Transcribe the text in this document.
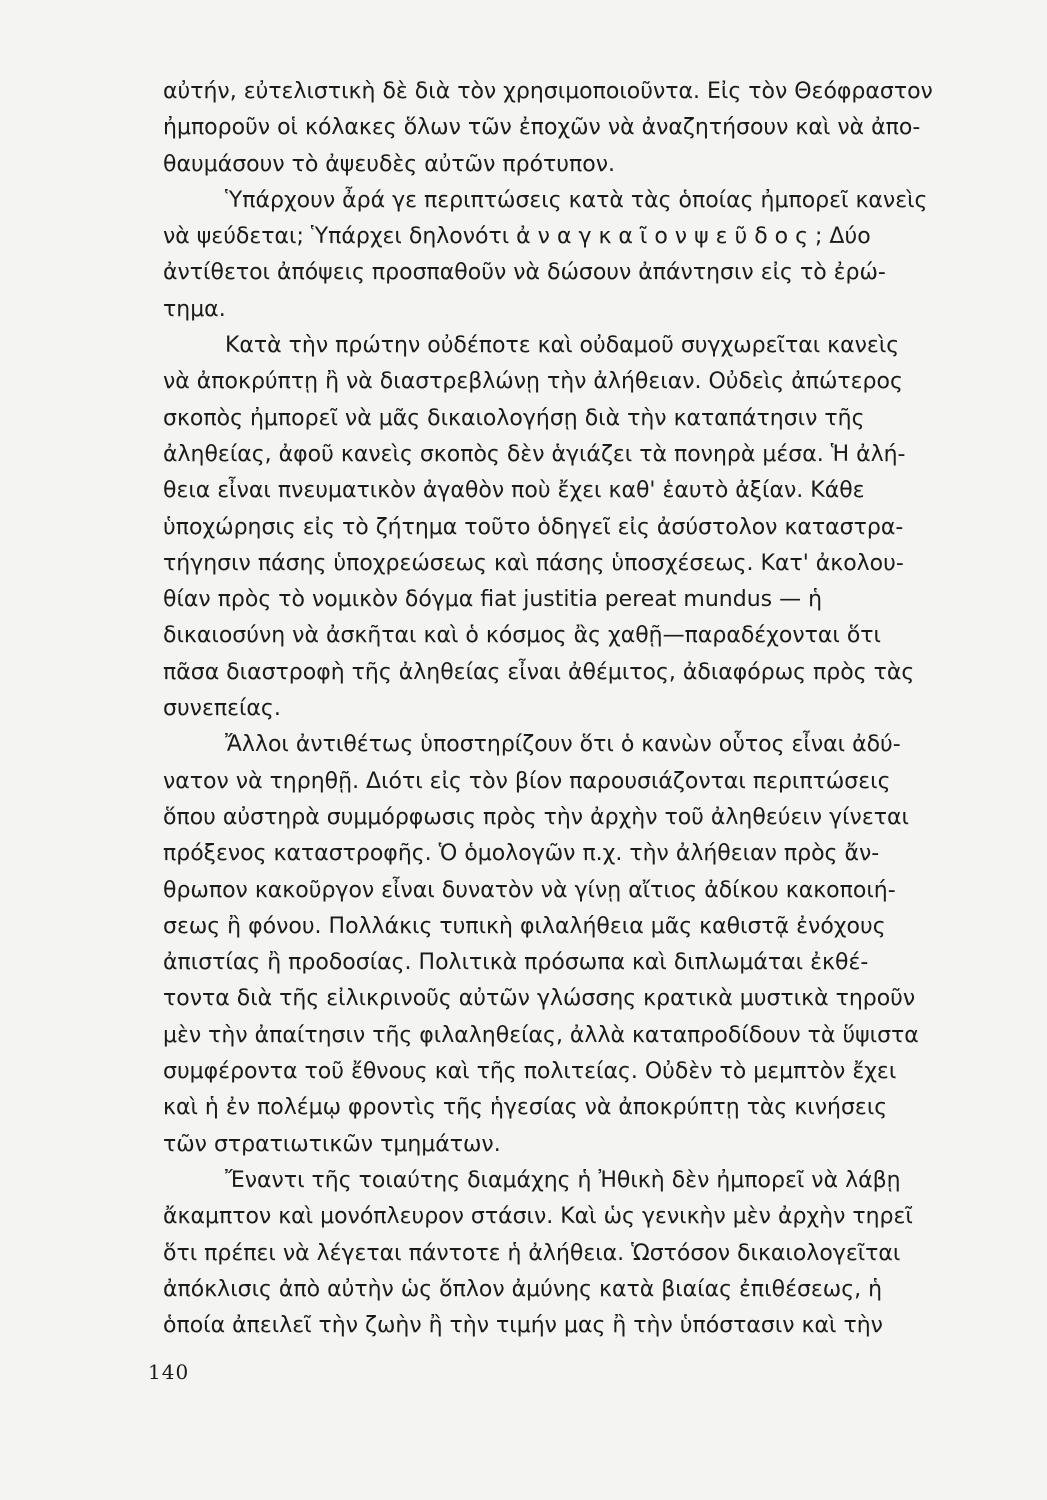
αὐτήν, εὐτελιστικὴ δὲ διὰ τὸν χρησιμοποιοῦντα. Εἰς τὸν Θεόφραστον
ἠμποροῦν οἱ κόλακες ὅλων τῶν ἐποχῶν νὰ ἀναζητήσουν καὶ νὰ ἀπο-
θαυμάσουν τὸ ἀψευδὲς αὐτῶν πρότυπον.
Ὑπάρχουν ἆρά γε περιπτώσεις κατὰ τὰς ὁποίας ἠμπορεῖ κανεὶς
νὰ ψεύδεται; Ὑπάρχει δηλονότι ἀ ν α γ κ α ῖ ο ν ψ ε ῦ δ ο ς ; Δύο
ἀντίθετοι ἀπόψεις προσπαθοῦν νὰ δώσουν ἀπάντησιν εἰς τὸ ἐρώ-
τημα.
Κατὰ τὴν πρώτην οὐδέποτε καὶ οὐδαμοῦ συγχωρεῖται κανεὶς
νὰ ἀποκρύπτῃ ἢ νὰ διαστρεβλώνῃ τὴν ἀλήθειαν. Οὐδεὶς ἀπώτερος
σκοπὸς ἠμπορεῖ νὰ μᾶς δικαιολογήσῃ διὰ τὴν καταπάτησιν τῆς
ἀληθείας, ἀφοῦ κανεὶς σκοπὸς δὲν ἁγιάζει τὰ πονηρὰ μέσα. Ἡ ἀλή-
θεια εἶναι πνευματικὸν ἀγαθὸν ποὺ ἔχει καθ' ἑαυτὸ ἀξίαν. Κάθε
ὑποχώρησις εἰς τὸ ζήτημα τοῦτο ὁδηγεῖ εἰς ἀσύστολον καταστρα-
τήγησιν πάσης ὑποχρεώσεως καὶ πάσης ὑποσχέσεως. Κατ' ἀκολου-
θίαν πρὸς τὸ νομικὸν δόγμα fiat justitia pereat mundus — ἡ
δικαιοσύνη νὰ ἀσκῆται καὶ ὁ κόσμος ἂς χαθῇ—παραδέχονται ὅτι
πᾶσα διαστροφὴ τῆς ἀληθείας εἶναι ἀθέμιτος, ἀδιαφόρως πρὸς τὰς
συνεπείας.
Ἄλλοι ἀντιθέτως ὑποστηρίζουν ὅτι ὁ κανὼν οὗτος εἶναι ἀδύ-
νατον νὰ τηρηθῇ. Διότι εἰς τὸν βίον παρουσιάζονται περιπτώσεις
ὅπου αὐστηρὰ συμμόρφωσις πρὸς τὴν ἀρχὴν τοῦ ἀληθεύειν γίνεται
πρόξενος καταστροφῆς. Ὁ ὁμολογῶν π.χ. τὴν ἀλήθειαν πρὸς ἄν-
θρωπον κακοῦργον εἶναι δυνατὸν νὰ γίνῃ αἴτιος ἀδίκου κακοποιή-
σεως ἢ φόνου. Πολλάκις τυπικὴ φιλαλήθεια μᾶς καθιστᾷ ἐνόχους
ἀπιστίας ἢ προδοσίας. Πολιτικὰ πρόσωπα καὶ διπλωμάται ἐκθέ-
τοντα διὰ τῆς εἰλικρινοῦς αὐτῶν γλώσσης κρατικὰ μυστικὰ τηροῦν
μὲν τὴν ἀπαίτησιν τῆς φιλαληθείας, ἀλλὰ καταπροδίδουν τὰ ὕψιστα
συμφέροντα τοῦ ἔθνους καὶ τῆς πολιτείας. Οὐδὲν τὸ μεμπτὸν ἔχει
καὶ ἡ ἐν πολέμῳ φροντὶς τῆς ἡγεσίας νὰ ἀποκρύπτῃ τὰς κινήσεις
τῶν στρατιωτικῶν τμημάτων.
Ἔναντι τῆς τοιαύτης διαμάχης ἡ Ἠθικὴ δὲν ἠμπορεῖ νὰ λάβῃ
ἄκαμπτον καὶ μονόπλευρον στάσιν. Καὶ ὡς γενικὴν μὲν ἀρχὴν τηρεῖ
ὅτι πρέπει νὰ λέγεται πάντοτε ἡ ἀλήθεια. Ὡστόσον δικαιολογεῖται
ἀπόκλισις ἀπὸ αὐτὴν ὡς ὅπλον ἀμύνης κατὰ βιαίας ἐπιθέσεως, ἡ
ὁποία ἀπειλεῖ τὴν ζωὴν ἢ τὴν τιμήν μας ἢ τὴν ὑπόστασιν καὶ τὴν
140
